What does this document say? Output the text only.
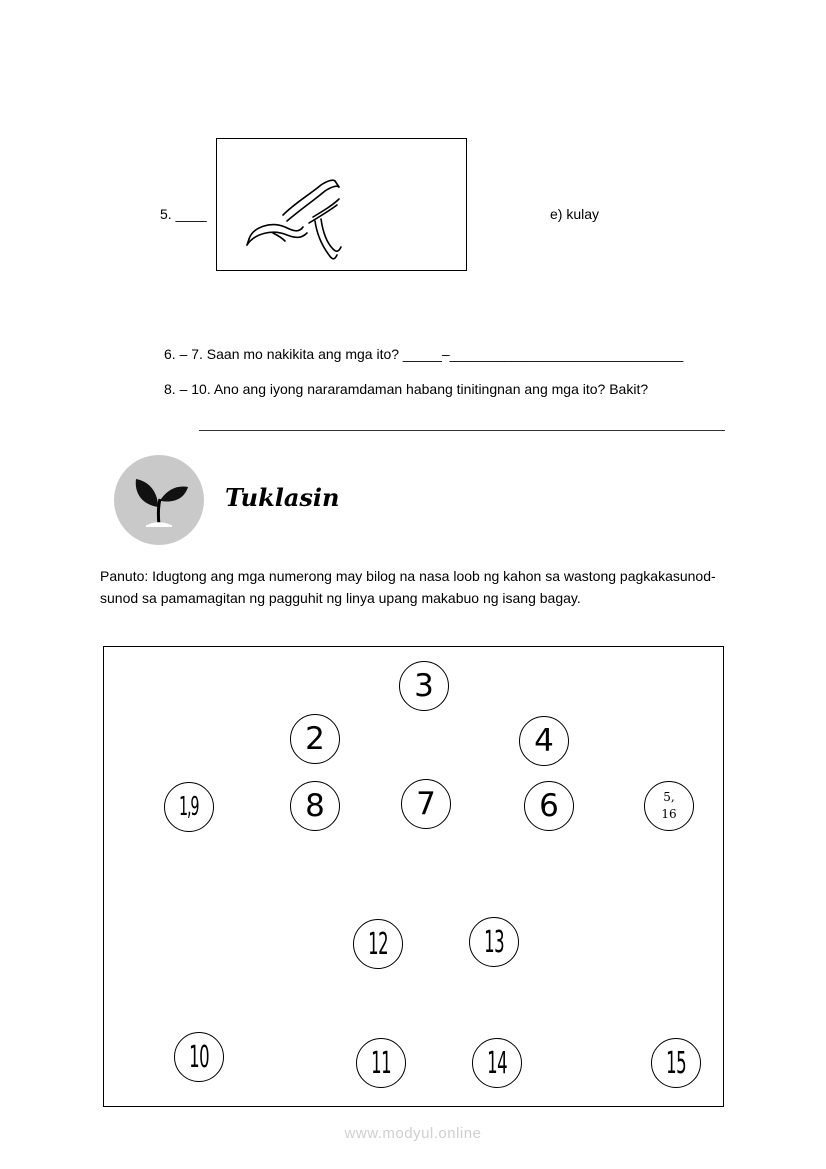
5. ____	e) kulay
6. – 7. Saan mo nakikita ang mga ito? _____–______________________________
8. – 10. Ano ang iyong nararamdaman habang tinitingnan ang mga ito? Bakit?
Tuklasin
Panuto: Idugtong ang mga numerong may bilog na nasa loob ng kahon sa wastong pagkakasunod-sunod sa pamamagitan ng pagguhit ng linya upang makabuo ng isang bagay.
3
2	4
1,9	8	7	6	5,
16
12	13
10	11	14	15
www.modyul.online
